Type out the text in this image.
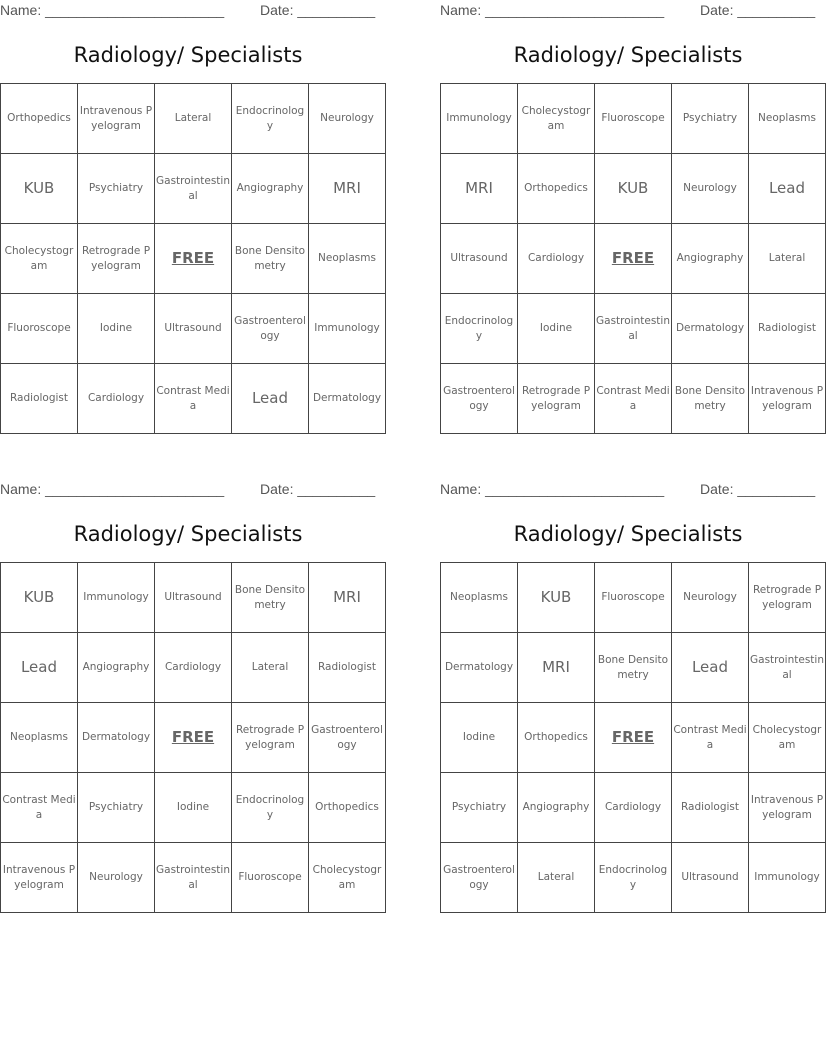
Name: _______________________	Date: __________
Radiology/ Specialists
Orthopedics	Intravenous Pyelogram	Lateral	Endocrinology	Neurology
KUB	Psychiatry	Gastrointestinal	Angiography	MRI
Cholecystogram	Retrograde Pyelogram	FREE	Bone Densitometry	Neoplasms
Fluoroscope	Iodine	Ultrasound	Gastroenterology	Immunology
Radiologist	Cardiology	Contrast Media	Lead	Dermatology
Name: _______________________	Date: __________
Radiology/ Specialists
Immunology	Cholecystogram	Fluoroscope	Psychiatry	Neoplasms
MRI	Orthopedics	KUB	Neurology	Lead
Ultrasound	Cardiology	FREE	Angiography	Lateral
Endocrinology	Iodine	Gastrointestinal	Dermatology	Radiologist
Gastroenterology	Retrograde Pyelogram	Contrast Media	Bone Densitometry	Intravenous Pyelogram
Name: _______________________	Date: __________
Radiology/ Specialists
KUB	Immunology	Ultrasound	Bone Densitometry	MRI
Lead	Angiography	Cardiology	Lateral	Radiologist
Neoplasms	Dermatology	FREE	Retrograde Pyelogram	Gastroenterology
Contrast Media	Psychiatry	Iodine	Endocrinology	Orthopedics
Intravenous Pyelogram	Neurology	Gastrointestinal	Fluoroscope	Cholecystogram
Name: _______________________	Date: __________
Radiology/ Specialists
Neoplasms	KUB	Fluoroscope	Neurology	Retrograde Pyelogram
Dermatology	MRI	Bone Densitometry	Lead	Gastrointestinal
Iodine	Orthopedics	FREE	Contrast Media	Cholecystogram
Psychiatry	Angiography	Cardiology	Radiologist	Intravenous Pyelogram
Gastroenterology	Lateral	Endocrinology	Ultrasound	Immunology
